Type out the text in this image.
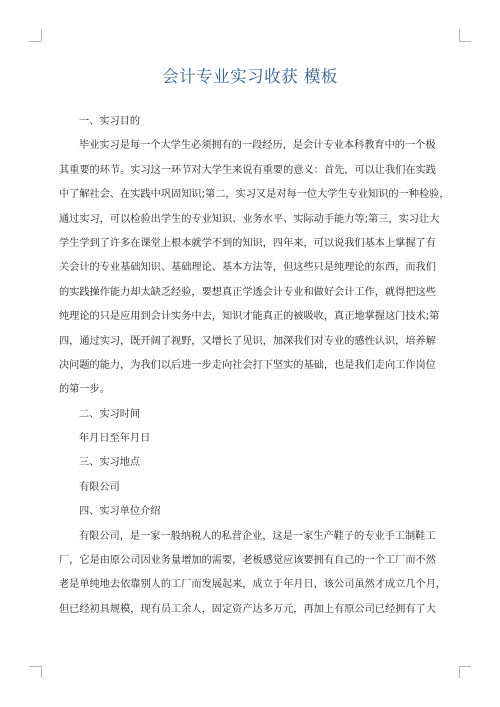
会计专业实习收获 模板
一、实习目的
毕业实习是每一个大学生必须拥有的一段经历，是会计专业本科教育中的一个极
其重要的环节。实习这一环节对大学生来说有重要的意义：首先，可以让我们在实践
中了解社会、在实践中巩固知识;第二，实习又是对每一位大学生专业知识的一种检验，
通过实习，可以检验出学生的专业知识、业务水平、实际动手能力等;第三，实习让大
学生学到了许多在课堂上根本就学不到的知识，四年来，可以说我们基本上掌握了有
关会计的专业基础知识、基础理论、基本方法等，但这些只是纯理论的东西，而我们
的实践操作能力却太缺乏经验，要想真正学透会计专业和做好会计工作，就得把这些
纯理论的只是应用到会计实务中去，知识才能真正的被吸收，真正地掌握这门技术;第
四，通过实习，既开阔了视野，又增长了见识，加深我们对专业的感性认识，培养解
决问题的能力，为我们以后进一步走向社会打下坚实的基础，也是我们走向工作岗位
的第一步。
二、实习时间
年月日至年月日
三、实习地点
有限公司
四、实习单位介绍
有限公司，是一家一般纳税人的私营企业，这是一家生产鞋子的专业手工制鞋工
厂，它是由原公司因业务量增加的需要，老板感觉应该要拥有自己的一个工厂而不然
老是单纯地去依靠别人的工厂而发展起来，成立于年月日，该公司虽然才成立几个月，
但已经初具规模，现有员工余人，固定资产达多万元，再加上有原公司已经拥有了大
